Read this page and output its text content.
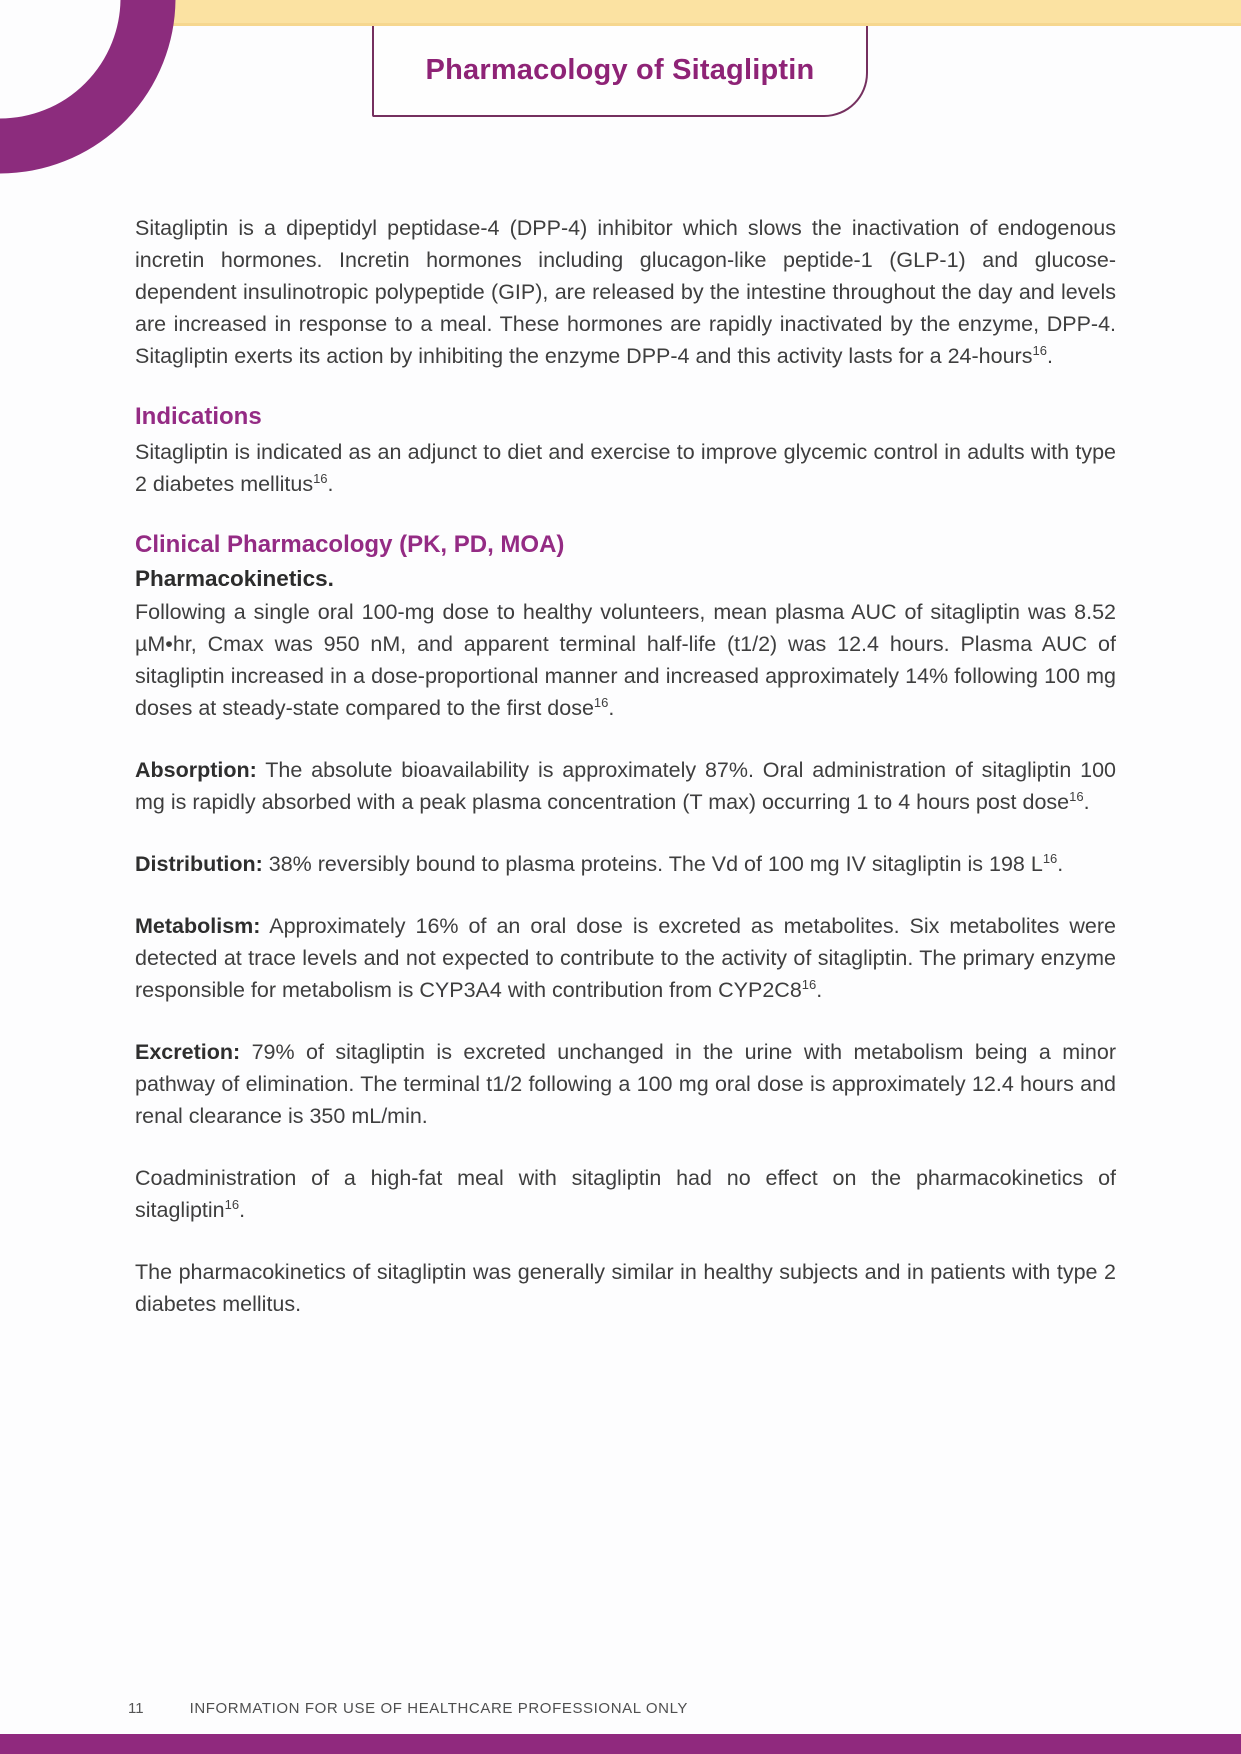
Pharmacology of Sitagliptin

Sitagliptin is a dipeptidyl peptidase-4 (DPP-4) inhibitor which slows the inactivation of endogenous incretin hormones. Incretin hormones including glucagon-like peptide-1 (GLP-1) and glucose-dependent insulinotropic polypeptide (GIP), are released by the intestine throughout the day and levels are increased in response to a meal. These hormones are rapidly inactivated by the enzyme, DPP-4. Sitagliptin exerts its action by inhibiting the enzyme DPP-4 and this activity lasts for a 24-hours$^{16}$.

Indications

Sitagliptin is indicated as an adjunct to diet and exercise to improve glycemic control in adults with type 2 diabetes mellitus$^{16}$.

Clinical Pharmacology (PK, PD, MOA)
Pharmacokinetics.

Following a single oral 100-mg dose to healthy volunteers, mean plasma AUC of sitagliptin was 8.52 µM•hr, Cmax was 950 nM, and apparent terminal half-life (t1/2) was 12.4 hours. Plasma AUC of sitagliptin increased in a dose-proportional manner and increased approximately 14% following 100 mg doses at steady-state compared to the first dose$^{16}$.

Absorption: The absolute bioavailability is approximately 87%. Oral administration of sitagliptin 100 mg is rapidly absorbed with a peak plasma concentration (T max) occurring 1 to 4 hours post dose$^{16}$.

Distribution: 38% reversibly bound to plasma proteins. The Vd of 100 mg IV sitagliptin is 198 L$^{16}$.

Metabolism: Approximately 16% of an oral dose is excreted as metabolites. Six metabolites were detected at trace levels and not expected to contribute to the activity of sitagliptin. The primary enzyme responsible for metabolism is CYP3A4 with contribution from CYP2C8$^{16}$.

Excretion: 79% of sitagliptin is excreted unchanged in the urine with metabolism being a minor pathway of elimination. The terminal t1/2 following a 100 mg oral dose is approximately 12.4 hours and renal clearance is 350 mL/min.

Coadministration of a high-fat meal with sitagliptin had no effect on the pharmacokinetics of sitagliptin$^{16}$.

The pharmacokinetics of sitagliptin was generally similar in healthy subjects and in patients with type 2 diabetes mellitus.

11	INFORMATION FOR USE OF HEALTHCARE PROFESSIONAL ONLY
